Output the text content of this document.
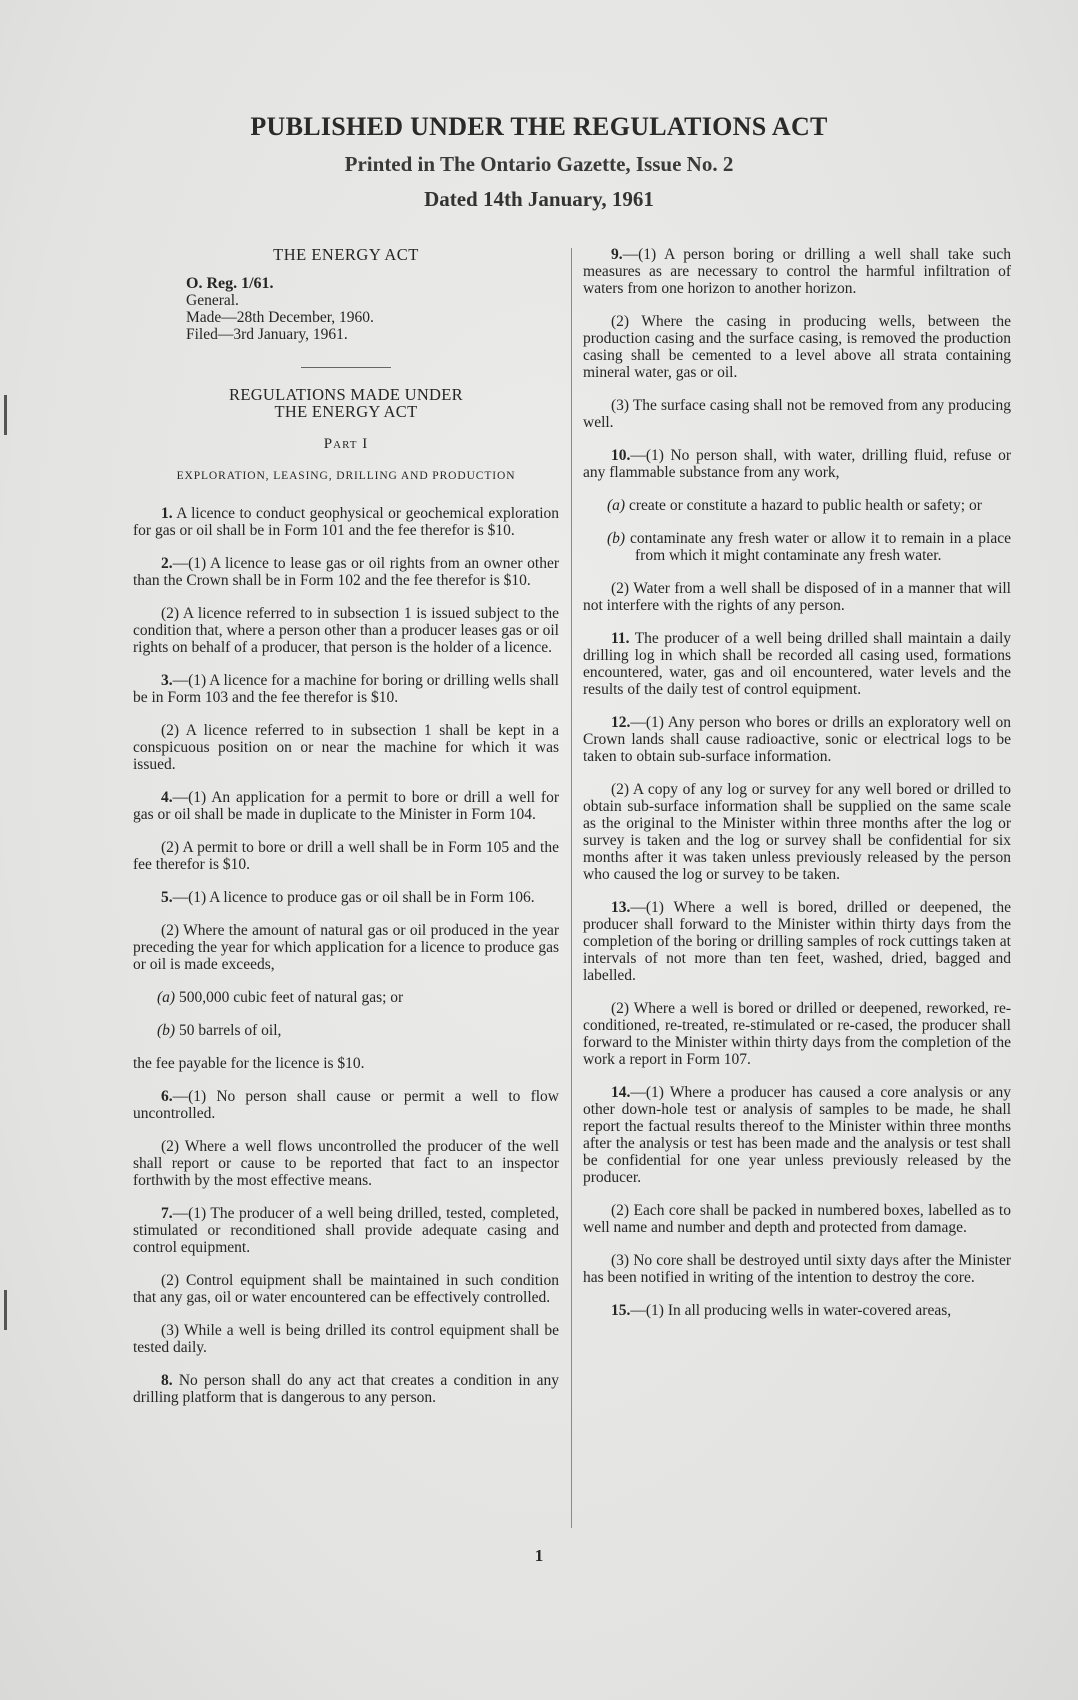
PUBLISHED UNDER THE REGULATIONS ACT
Printed in The Ontario Gazette, Issue No. 2
Dated 14th January, 1961
THE ENERGY ACT
O. Reg. 1/61.
General.
Made—28th December, 1960.
Filed—3rd January, 1961.
REGULATIONS MADE UNDER
THE ENERGY ACT
Part I
EXPLORATION, LEASING, DRILLING AND PRODUCTION

1. A licence to conduct geophysical or geochemical exploration for gas or oil shall be in Form 101 and the fee therefor is $10.

2.—(1) A licence to lease gas or oil rights from an owner other than the Crown shall be in Form 102 and the fee therefor is $10.

(2) A licence referred to in subsection 1 is issued subject to the condition that, where a person other than a producer leases gas or oil rights on behalf of a producer, that person is the holder of a licence.

3.—(1) A licence for a machine for boring or drilling wells shall be in Form 103 and the fee therefor is $10.

(2) A licence referred to in subsection 1 shall be kept in a conspicuous position on or near the machine for which it was issued.

4.—(1) An application for a permit to bore or drill a well for gas or oil shall be made in duplicate to the Minister in Form 104.

(2) A permit to bore or drill a well shall be in Form 105 and the fee therefor is $10.

5.—(1) A licence to produce gas or oil shall be in Form 106.

(2) Where the amount of natural gas or oil produced in the year preceding the year for which application for a licence to produce gas or oil is made exceeds,

(a) 500,000 cubic feet of natural gas; or

(b) 50 barrels of oil,

the fee payable for the licence is $10.

6.—(1) No person shall cause or permit a well to flow uncontrolled.

(2) Where a well flows uncontrolled the producer of the well shall report or cause to be reported that fact to an inspector forthwith by the most effective means.

7.—(1) The producer of a well being drilled, tested, completed, stimulated or reconditioned shall provide adequate casing and control equipment.

(2) Control equipment shall be maintained in such condition that any gas, oil or water encountered can be effectively controlled.

(3) While a well is being drilled its control equipment shall be tested daily.

8. No person shall do any act that creates a condition in any drilling platform that is dangerous to any person.

9.—(1) A person boring or drilling a well shall take such measures as are necessary to control the harmful infiltration of waters from one horizon to another horizon.

(2) Where the casing in producing wells, between the production casing and the surface casing, is removed the production casing shall be cemented to a level above all strata containing mineral water, gas or oil.

(3) The surface casing shall not be removed from any producing well.

10.—(1) No person shall, with water, drilling fluid, refuse or any flammable substance from any work,

(a) create or constitute a hazard to public health or safety; or

(b) contaminate any fresh water or allow it to remain in a place from which it might contaminate any fresh water.

(2) Water from a well shall be disposed of in a manner that will not interfere with the rights of any person.

11. The producer of a well being drilled shall maintain a daily drilling log in which shall be recorded all casing used, formations encountered, water, gas and oil encountered, water levels and the results of the daily test of control equipment.

12.—(1) Any person who bores or drills an exploratory well on Crown lands shall cause radioactive, sonic or electrical logs to be taken to obtain sub-surface information.

(2) A copy of any log or survey for any well bored or drilled to obtain sub-surface information shall be supplied on the same scale as the original to the Minister within three months after the log or survey is taken and the log or survey shall be confidential for six months after it was taken unless previously released by the person who caused the log or survey to be taken.

13.—(1) Where a well is bored, drilled or deepened, the producer shall forward to the Minister within thirty days from the completion of the boring or drilling samples of rock cuttings taken at intervals of not more than ten feet, washed, dried, bagged and labelled.

(2) Where a well is bored or drilled or deepened, reworked, re-conditioned, re-treated, re-stimulated or re-cased, the producer shall forward to the Minister within thirty days from the completion of the work a report in Form 107.

14.—(1) Where a producer has caused a core analysis or any other down-hole test or analysis of samples to be made, he shall report the factual results thereof to the Minister within three months after the analysis or test has been made and the analysis or test shall be confidential for one year unless previously released by the producer.

(2) Each core shall be packed in numbered boxes, labelled as to well name and number and depth and protected from damage.

(3) No core shall be destroyed until sixty days after the Minister has been notified in writing of the intention to destroy the core.

15.—(1) In all producing wells in water-covered areas,

1
